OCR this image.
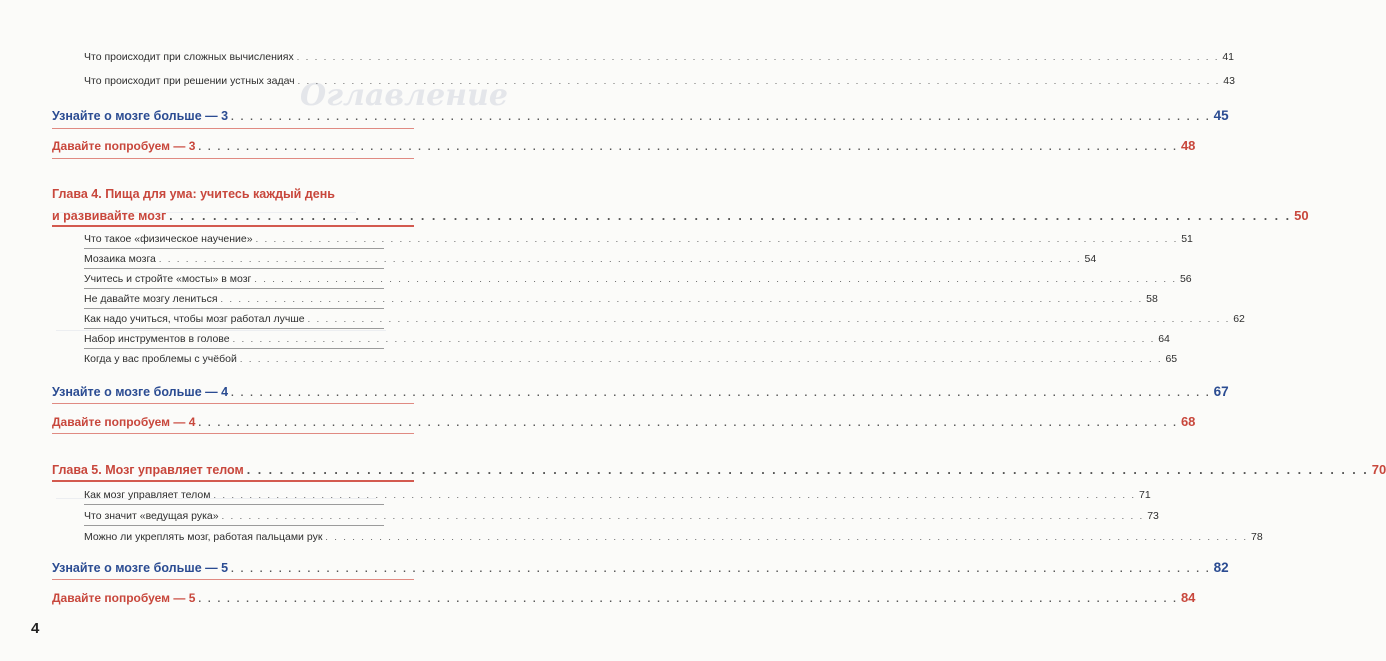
Оглавление
Что происходит при сложных вычислениях . . .	41
Что происходит при решении устных задач . . .	43
Узнайте о мозге больше — 3 . . .	45
Давайте попробуем — 3 . . .	48
Глава 4. Пища для ума: учитесь каждый день
и развивайте мозг . . .	50
Что такое «физическое научение» . . .	51
Мозаика мозга . . .	54
Учитесь и стройте «мосты» в мозг . . .	56
Не давайте мозгу лениться . . .	58
Как надо учиться, чтобы мозг работал лучше . . .	62
Набор инструментов в голове . . .	64
Когда у вас проблемы с учёбой . . .	65
Узнайте о мозге больше — 4 . . .	67
Давайте попробуем — 4 . . .	68
Глава 5. Мозг управляет телом . . .	70
Как мозг управляет телом . . .	71
Что значит «ведущая рука» . . .	73
Можно ли укреплять мозг, работая пальцами рук . . .	78
Узнайте о мозге больше — 5 . . .	82
Давайте попробуем — 5 . . .	84
4
